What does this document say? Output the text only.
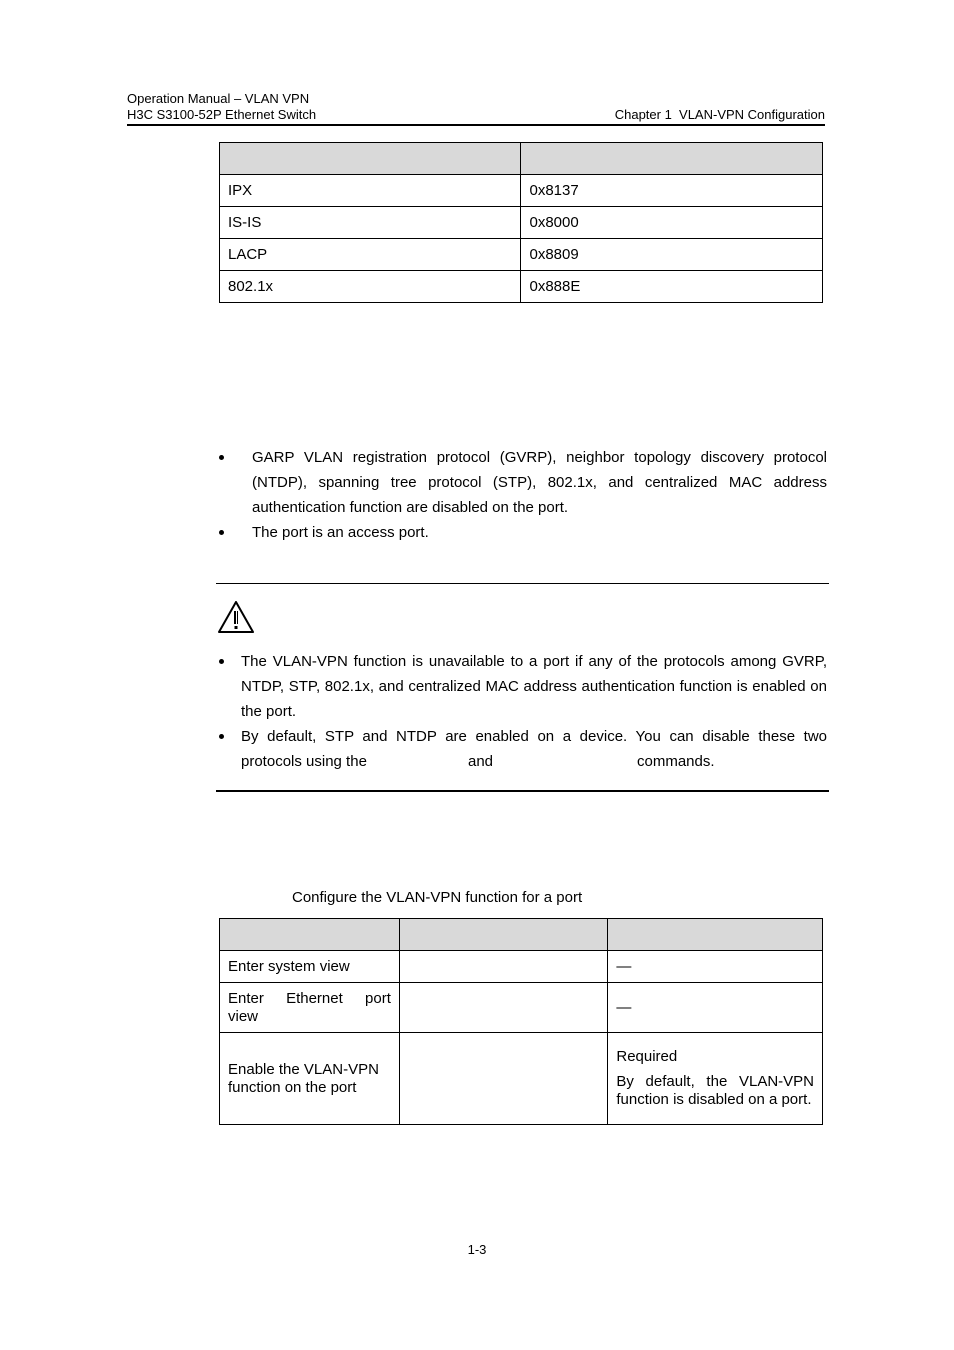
Operation Manual – VLAN VPN
H3C S3100-52P Ethernet Switch	Chapter 1  VLAN-VPN Configuration

IPX	0x8137
IS-IS	0x8000
LACP	0x8809
802.1x	0x888E
GARP VLAN registration protocol (GVRP), neighbor topology discovery protocol (NTDP), spanning tree protocol (STP), 802.1x, and centralized MAC address authentication function are disabled on the port.
The port is an access port.
The VLAN-VPN function is unavailable to a port if any of the protocols among GVRP, NTDP, STP, 802.1x, and centralized MAC address authentication function is enabled on the port.
By default, STP and NTDP are enabled on a device. You can disable these two
protocols using the	and	commands.
Configure the VLAN-VPN function for a port

Enter system view		—

Enter Ethernet port
view		—
Enable the VLAN-VPN function on the port		Required
By default, the VLAN-VPN function is disabled on a port.
1-3
